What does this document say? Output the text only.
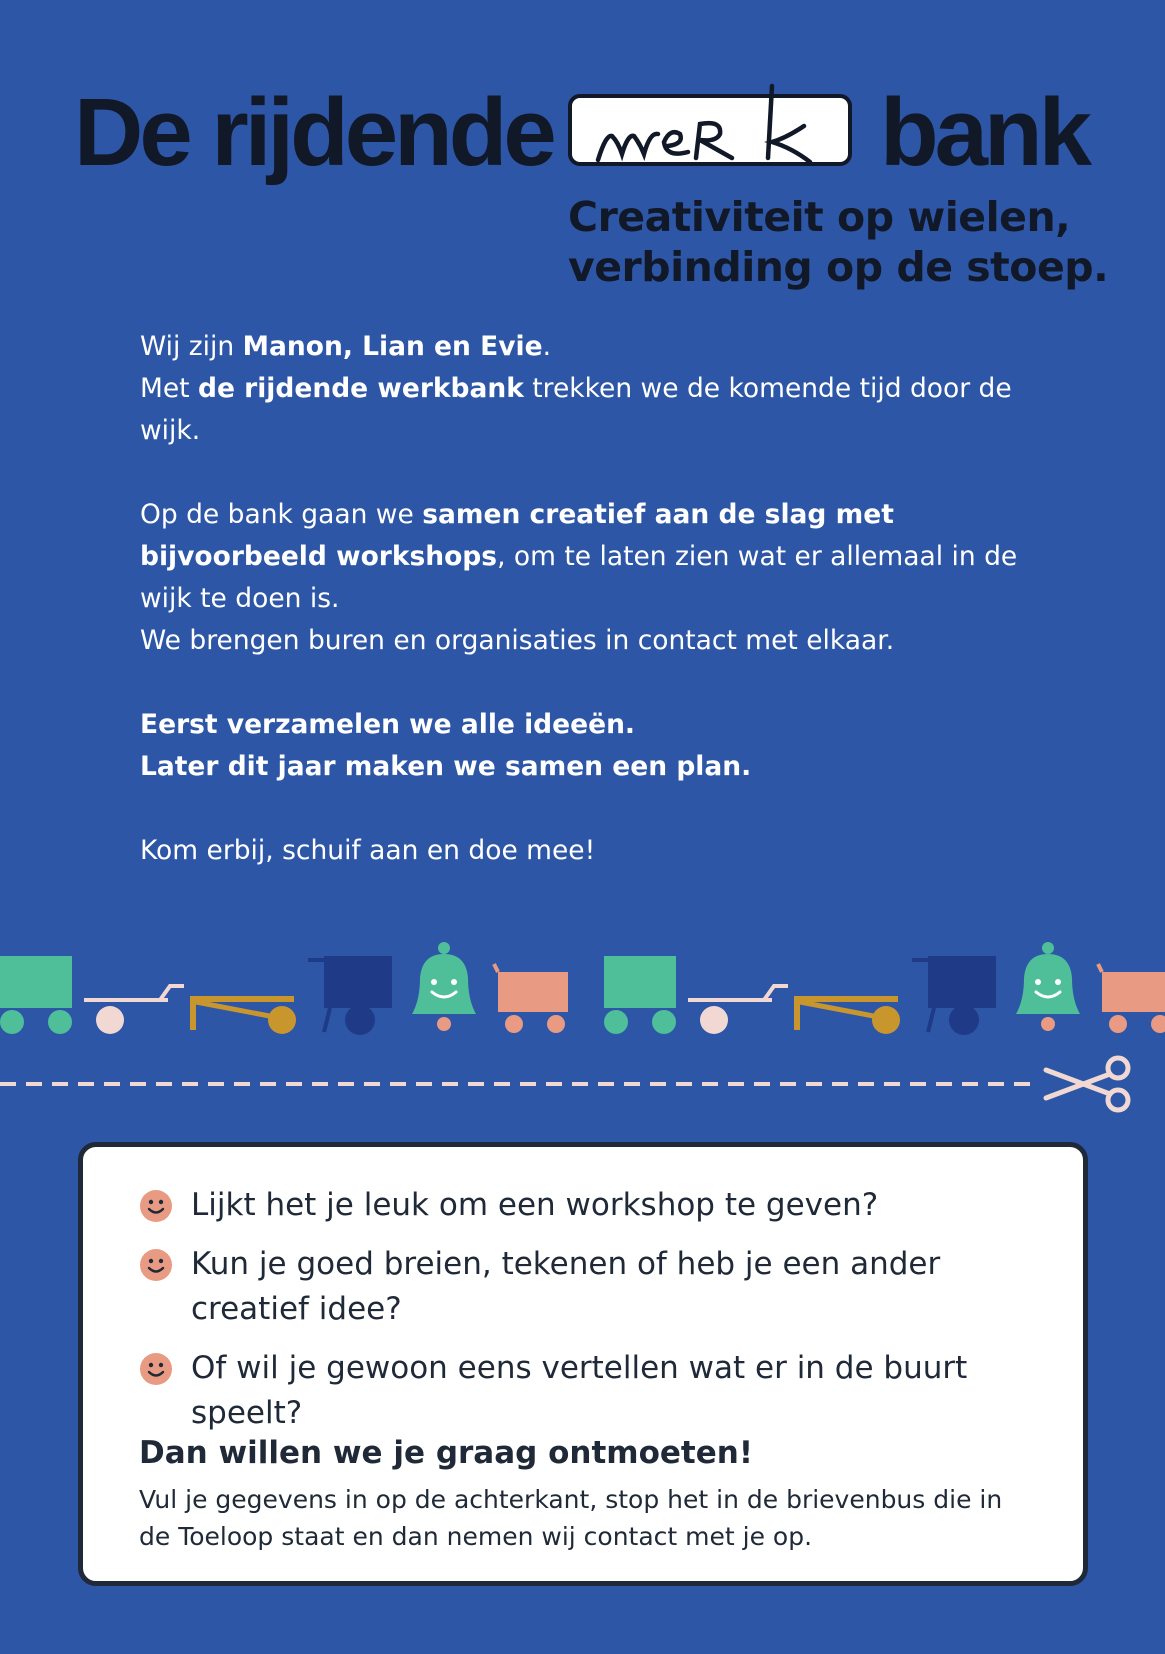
De rijdende	bank
Creativiteit op wielen,
verbinding op de stoep.

Wij zijn Manon, Lian en Evie.
Met de rijdende werkbank trekken we de komende tijd door de wijk.

Op de bank gaan we samen creatief aan de slag met bijvoorbeeld workshops, om te laten zien wat er allemaal in de wijk te doen is.
We brengen buren en organisaties in contact met elkaar.

Eerst verzamelen we alle ideeën.
Later dit jaar maken we samen een plan.

Kom erbij, schuif aan en doe mee!

Lijkt het je leuk om een workshop te geven?
Kun je goed breien, tekenen of heb je een ander creatief idee?
Of wil je gewoon eens vertellen wat er in de buurt speelt?
Dan willen we je graag ontmoeten!
Vul je gegevens in op de achterkant, stop het in de brievenbus die in de Toeloop staat en dan nemen wij contact met je op.
